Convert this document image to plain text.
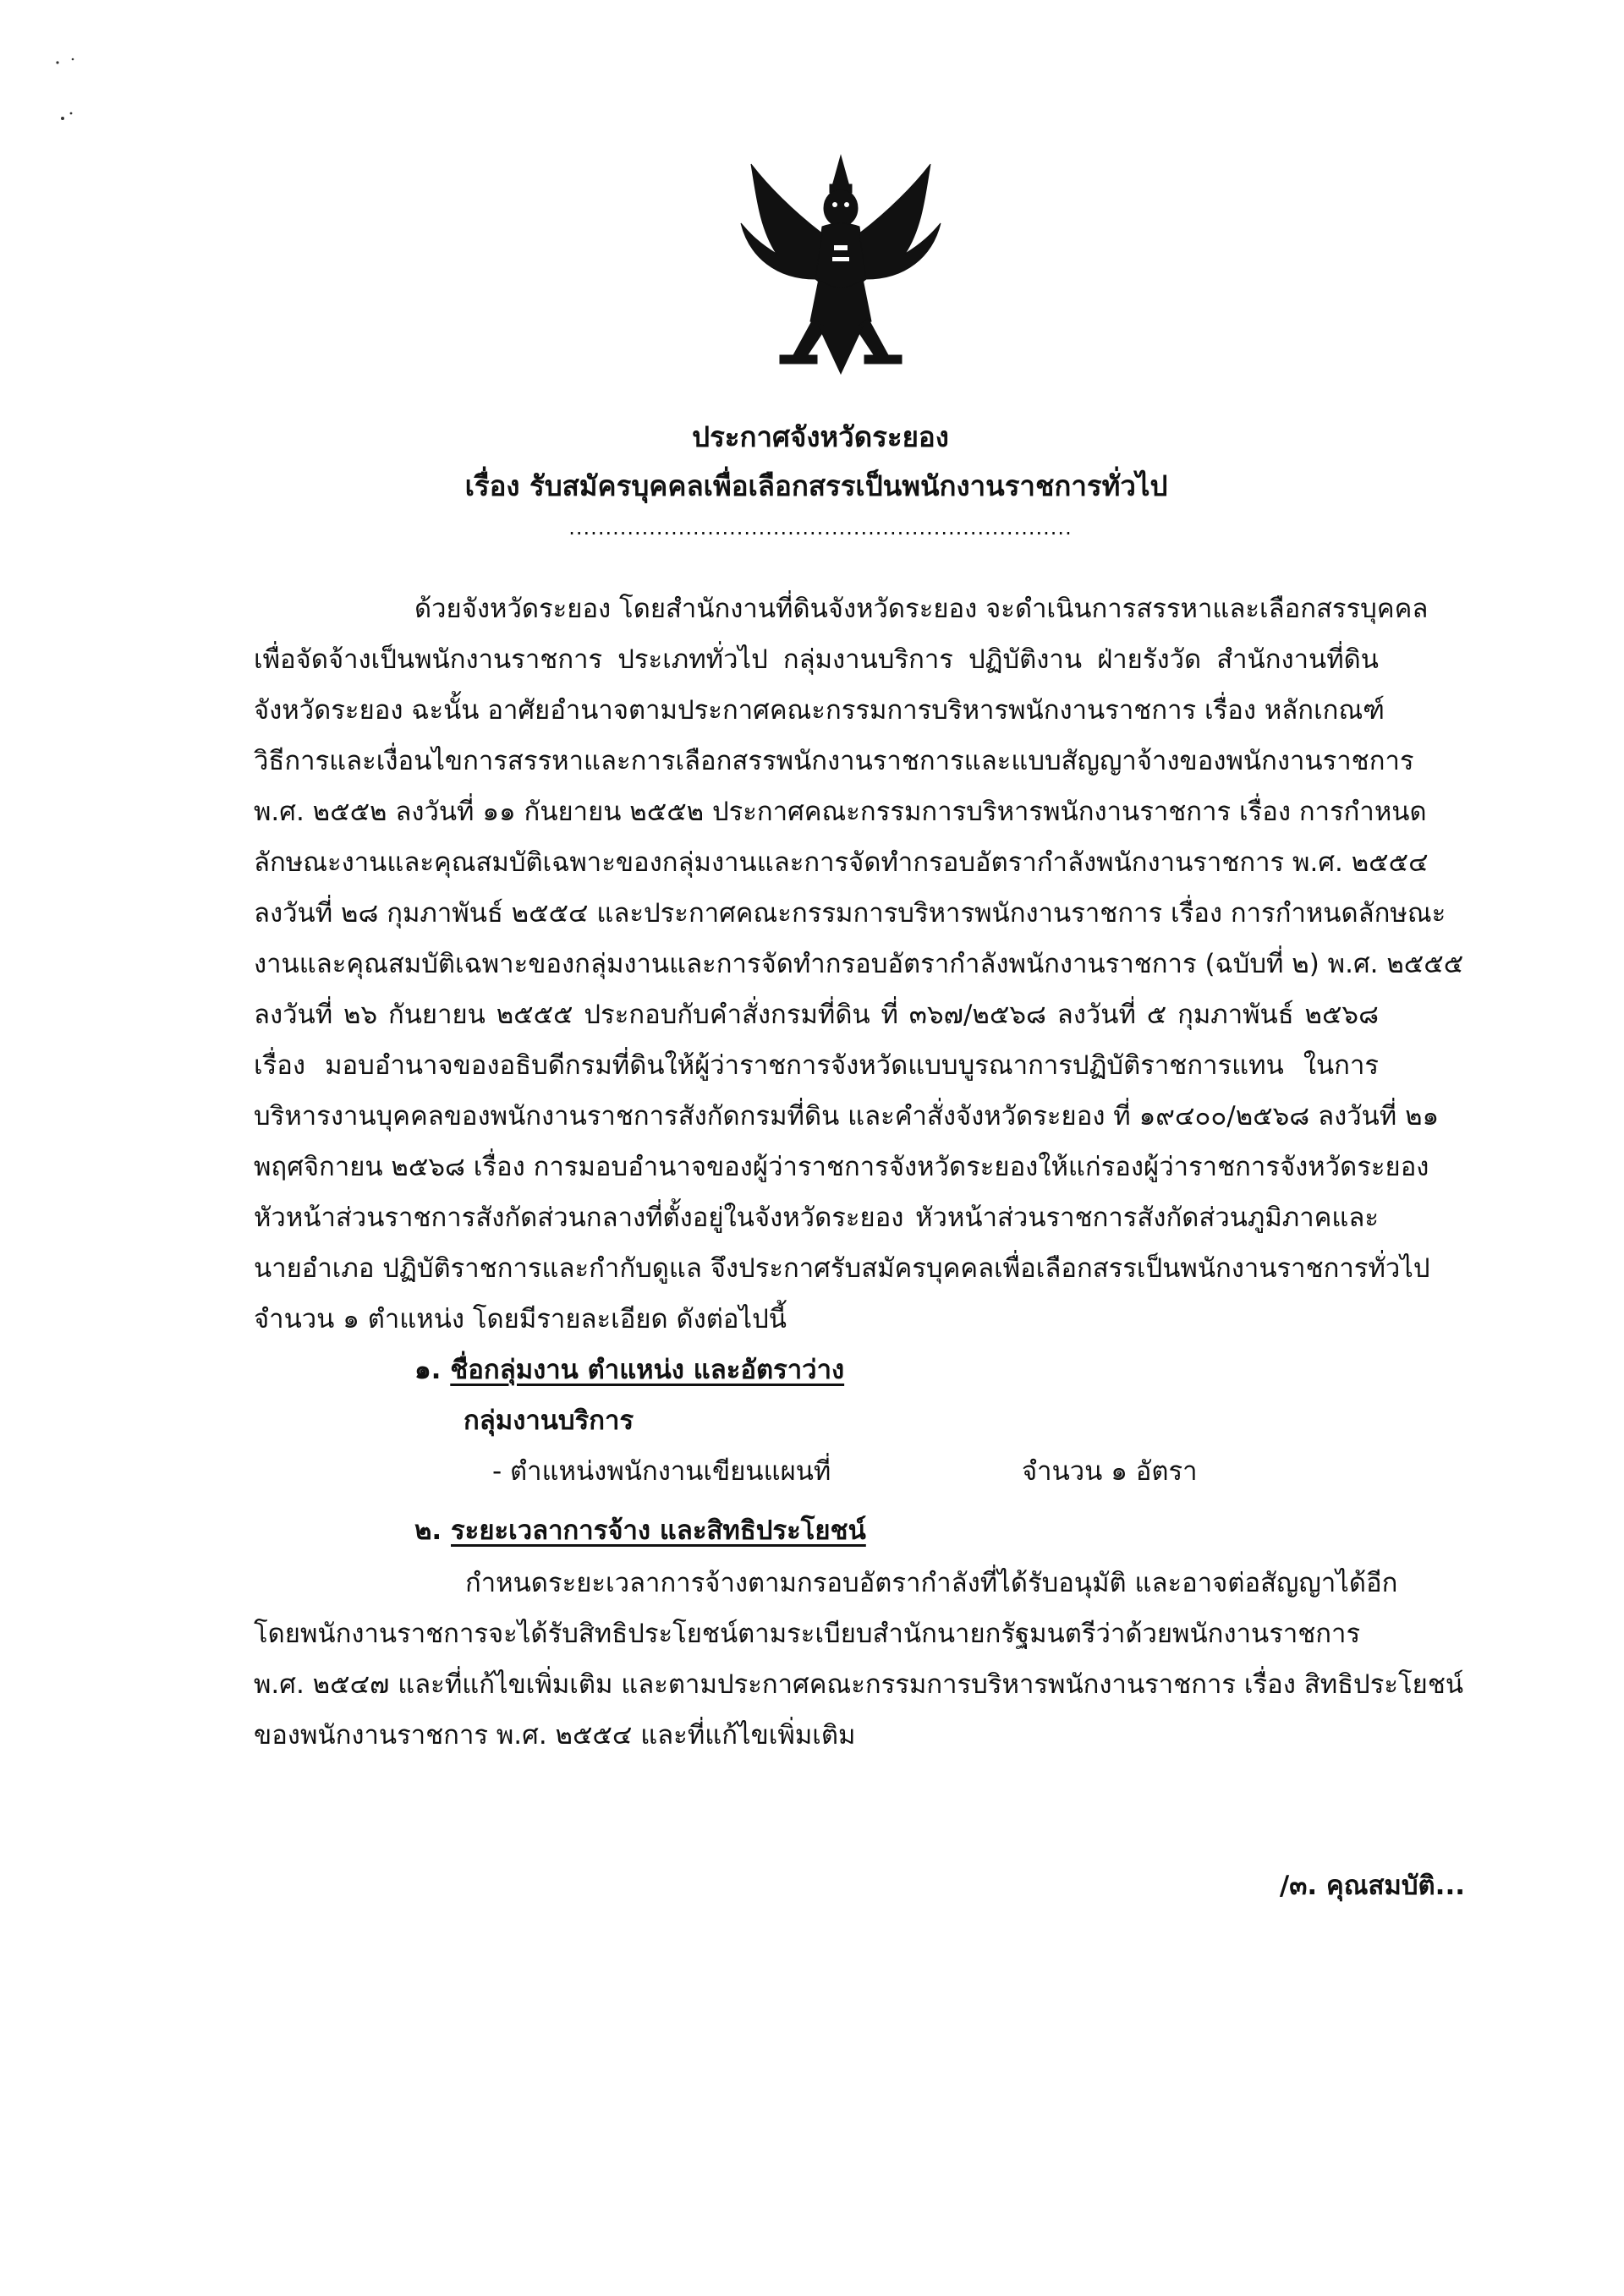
ประกาศจังหวัดระยอง
เรื่อง รับสมัครบุคคลเพื่อเลือกสรรเป็นพนักงานราชการทั่วไป
.....................................................................
ด้วยจังหวัดระยอง โดยสำนักงานที่ดินจังหวัดระยอง จะดำเนินการสรรหาและเลือกสรรบุคคล
เพื่อจัดจ้างเป็นพนักงานราชการ ประเภททั่วไป กลุ่มงานบริการ ปฏิบัติงาน ฝ่ายรังวัด สำนักงานที่ดิน
จังหวัดระยอง ฉะนั้น อาศัยอำนาจตามประกาศคณะกรรมการบริหารพนักงานราชการ เรื่อง หลักเกณฑ์
วิธีการและเงื่อนไขการสรรหาและการเลือกสรรพนักงานราชการและแบบสัญญาจ้างของพนักงานราชการ
พ.ศ. ๒๕๕๒ ลงวันที่ ๑๑ กันยายน ๒๕๕๒ ประกาศคณะกรรมการบริหารพนักงานราชการ เรื่อง การกำหนด
ลักษณะงานและคุณสมบัติเฉพาะของกลุ่มงานและการจัดทำกรอบอัตรากำลังพนักงานราชการ พ.ศ. ๒๕๕๔
ลงวันที่ ๒๘ กุมภาพันธ์ ๒๕๕๔ และประกาศคณะกรรมการบริหารพนักงานราชการ เรื่อง การกำหนดลักษณะ
งานและคุณสมบัติเฉพาะของกลุ่มงานและการจัดทำกรอบอัตรากำลังพนักงานราชการ (ฉบับที่ ๒) พ.ศ. ๒๕๕๕
ลงวันที่ ๒๖ กันยายน ๒๕๕๕ ประกอบกับคำสั่งกรมที่ดิน ที่ ๓๖๗/๒๕๖๘ ลงวันที่ ๕ กุมภาพันธ์ ๒๕๖๘
เรื่อง มอบอำนาจของอธิบดีกรมที่ดินให้ผู้ว่าราชการจังหวัดแบบบูรณาการปฏิบัติราชการแทน ในการ
บริหารงานบุคคลของพนักงานราชการสังกัดกรมที่ดิน และคำสั่งจังหวัดระยอง ที่ ๑๙๔๐๐/๒๕๖๘ ลงวันที่ ๒๑
พฤศจิกายน ๒๕๖๘ เรื่อง การมอบอำนาจของผู้ว่าราชการจังหวัดระยองให้แก่รองผู้ว่าราชการจังหวัดระยอง
หัวหน้าส่วนราชการสังกัดส่วนกลางที่ตั้งอยู่ในจังหวัดระยอง หัวหน้าส่วนราชการสังกัดส่วนภูมิภาคและ
นายอำเภอ ปฏิบัติราชการและกำกับดูแล จึงประกาศรับสมัครบุคคลเพื่อเลือกสรรเป็นพนักงานราชการทั่วไป
จำนวน ๑ ตำแหน่ง โดยมีรายละเอียด ดังต่อไปนี้
๑. ชื่อกลุ่มงาน ตำแหน่ง และอัตราว่าง
กลุ่มงานบริการ
- ตำแหน่งพนักงานเขียนแผนที่	จำนวน ๑ อัตรา
๒. ระยะเวลาการจ้าง และสิทธิประโยชน์
กำหนดระยะเวลาการจ้างตามกรอบอัตรากำลังที่ได้รับอนุมัติ และอาจต่อสัญญาได้อีก
โดยพนักงานราชการจะได้รับสิทธิประโยชน์ตามระเบียบสำนักนายกรัฐมนตรีว่าด้วยพนักงานราชการ
พ.ศ. ๒๕๔๗ และที่แก้ไขเพิ่มเติม และตามประกาศคณะกรรมการบริหารพนักงานราชการ เรื่อง สิทธิประโยชน์
ของพนักงานราชการ พ.ศ. ๒๕๕๔ และที่แก้ไขเพิ่มเติม
/๓. คุณสมบัติ...
